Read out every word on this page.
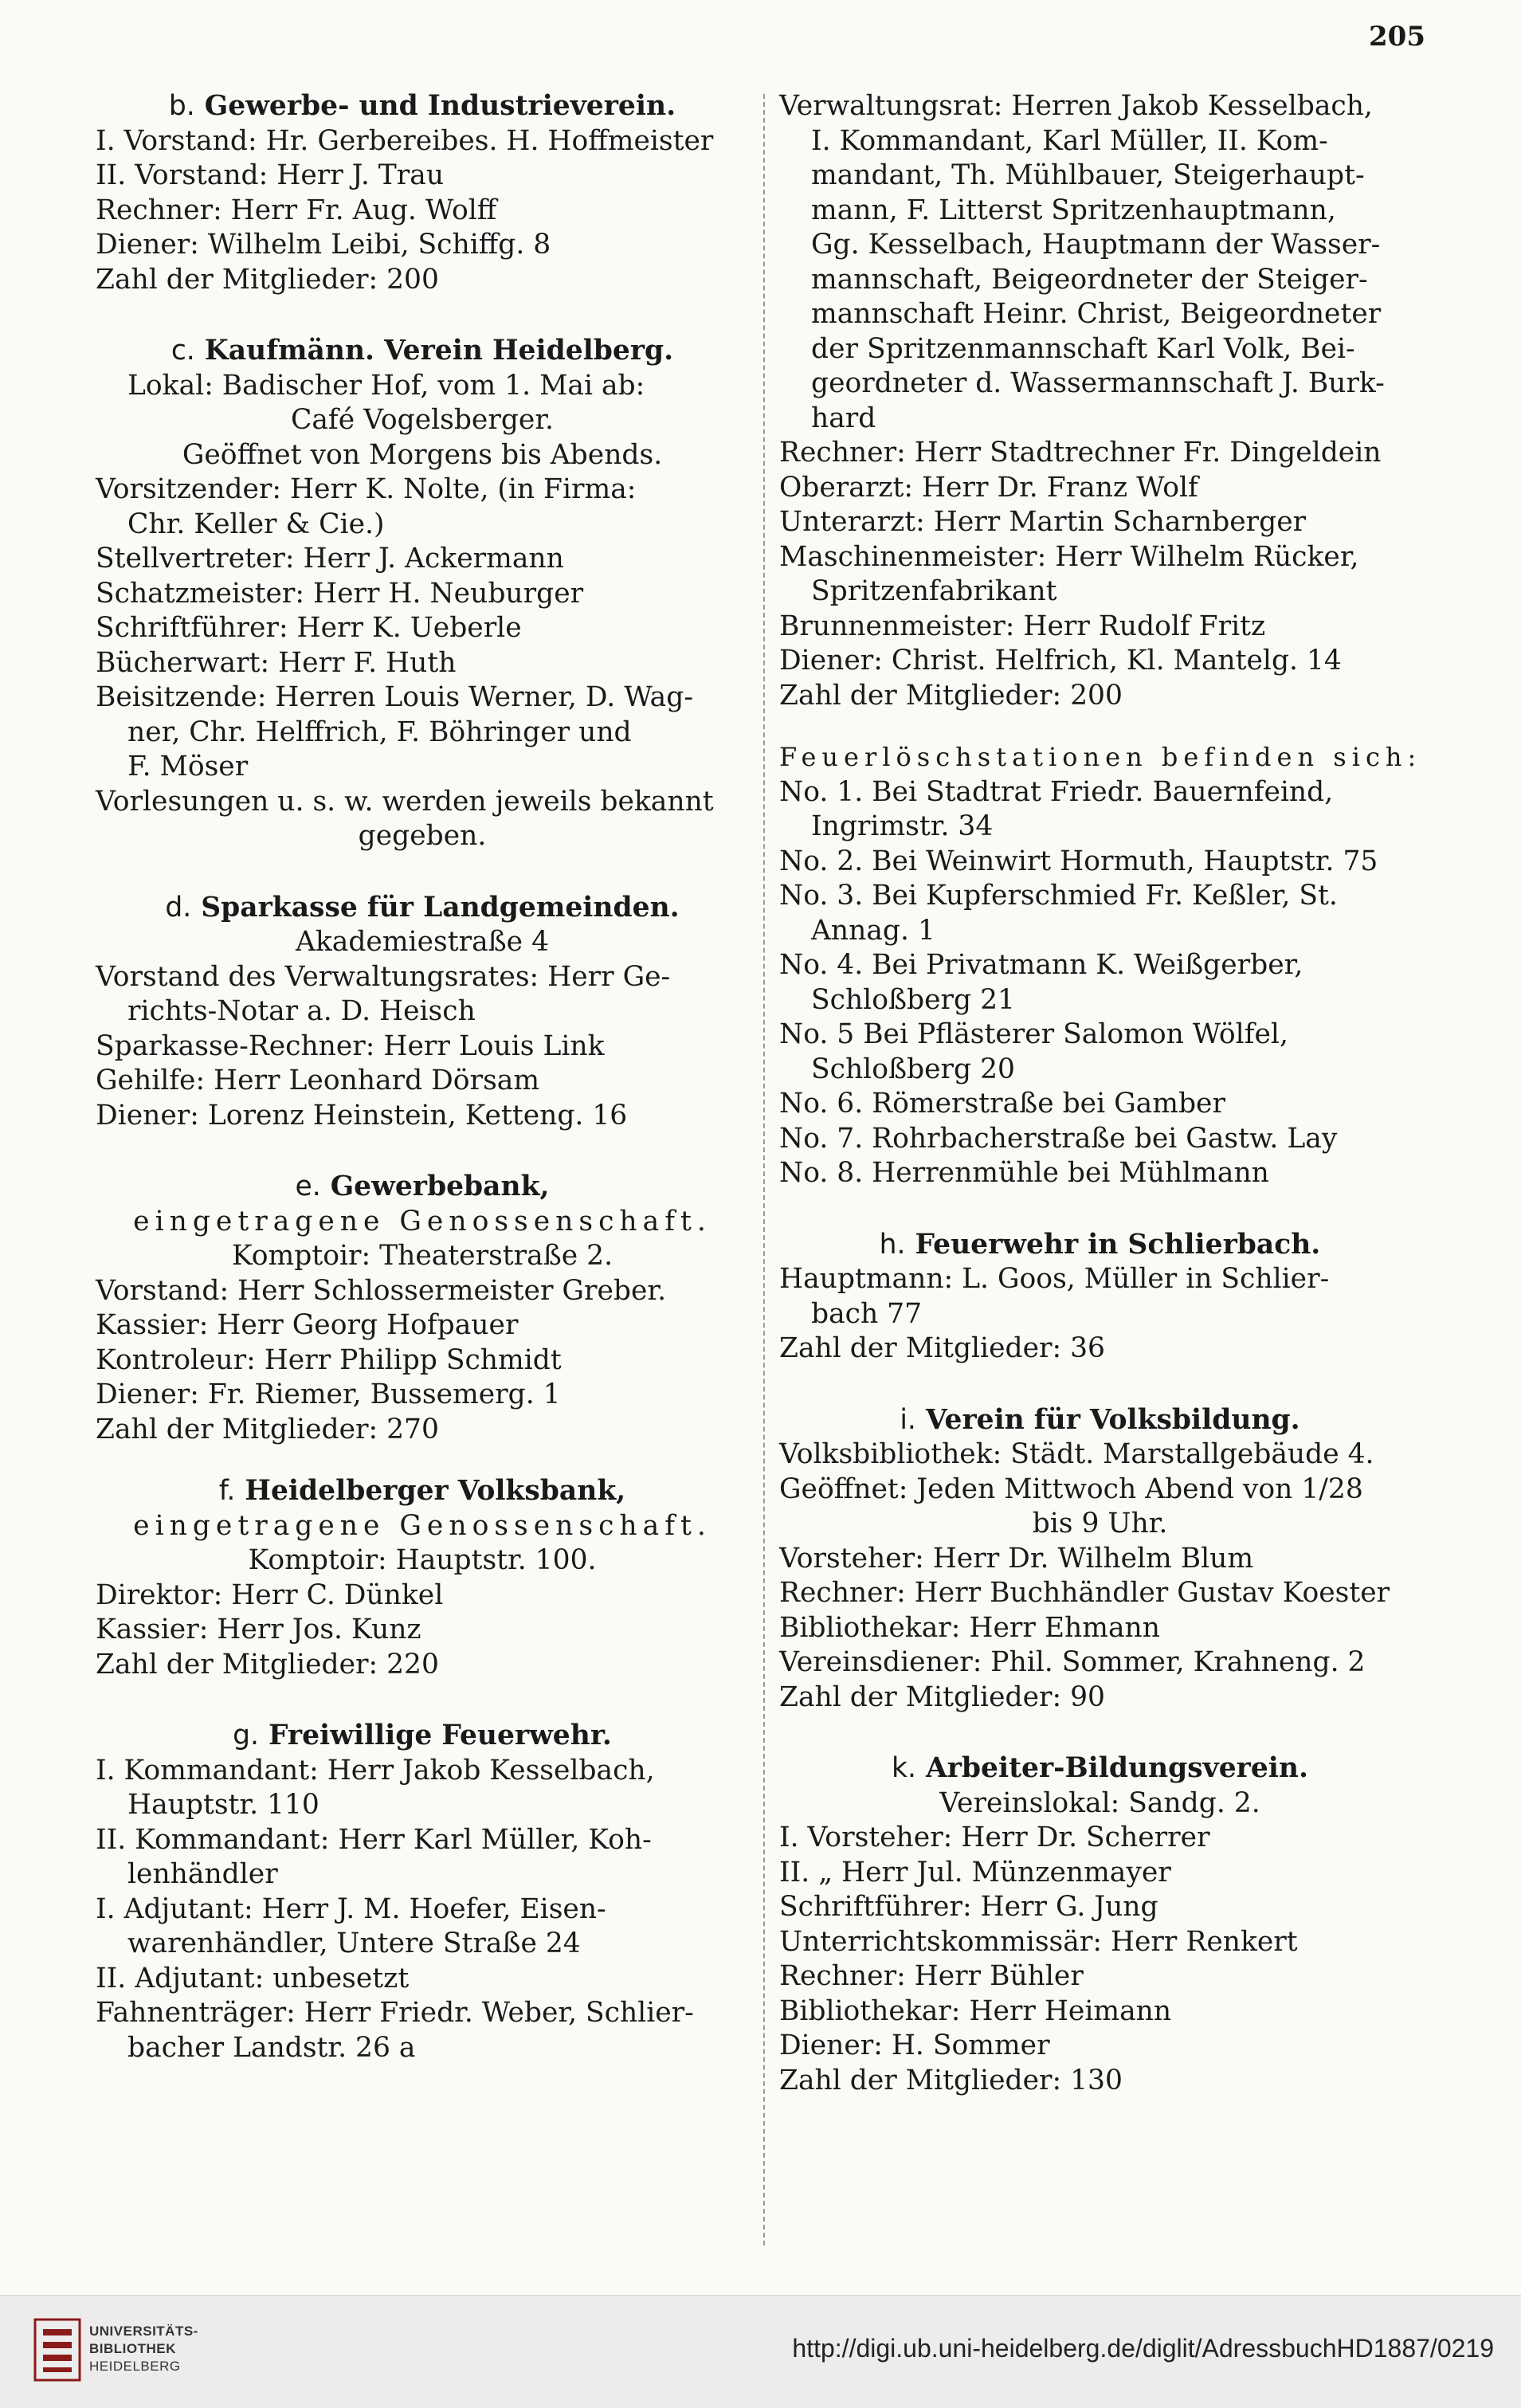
205
b. Gewerbe- und Industrieverein.
I. Vorstand: Hr. Gerbereibes. H. Hoffmeister
II. Vorstand: Herr J. Trau
Rechner: Herr Fr. Aug. Wolff
Diener: Wilhelm Leibi, Schiffg. 8
Zahl der Mitglieder: 200
c. Kaufmänn. Verein Heidelberg.
Lokal: Badischer Hof, vom 1. Mai ab:
Café Vogelsberger.
Geöffnet von Morgens bis Abends.
Vorsitzender: Herr K. Nolte, (in Firma:
Chr. Keller & Cie.)
Stellvertreter: Herr J. Ackermann
Schatzmeister: Herr H. Neuburger
Schriftführer: Herr K. Ueberle
Bücherwart: Herr F. Huth
Beisitzende: Herren Louis Werner, D. Wag-
ner, Chr. Helffrich, F. Böhringer und
F. Möser
Vorlesungen u. s. w. werden jeweils bekannt
gegeben.
d. Sparkasse für Landgemeinden.
Akademiestraße 4
Vorstand des Verwaltungsrates: Herr Ge-
richts-Notar a. D. Heisch
Sparkasse-Rechner: Herr Louis Link
Gehilfe: Herr Leonhard Dörsam
Diener: Lorenz Heinstein, Ketteng. 16
e. Gewerbebank,
eingetragene Genossenschaft.
Komptoir: Theaterstraße 2.
Vorstand: Herr Schlossermeister Greber.
Kassier: Herr Georg Hofpauer
Kontroleur: Herr Philipp Schmidt
Diener: Fr. Riemer, Bussemerg. 1
Zahl der Mitglieder: 270
f. Heidelberger Volksbank,
eingetragene Genossenschaft.
Komptoir: Hauptstr. 100.
Direktor: Herr C. Dünkel
Kassier: Herr Jos. Kunz
Zahl der Mitglieder: 220
g. Freiwillige Feuerwehr.
I. Kommandant: Herr Jakob Kesselbach,
Hauptstr. 110
II. Kommandant: Herr Karl Müller, Koh-
lenhändler
I. Adjutant: Herr J. M. Hoefer, Eisen-
warenhändler, Untere Straße 24
II. Adjutant: unbesetzt
Fahnenträger: Herr Friedr. Weber, Schlier-
bacher Landstr. 26 a
Verwaltungsrat: Herren Jakob Kesselbach,
I. Kommandant, Karl Müller, II. Kom-
mandant, Th. Mühlbauer, Steigerhaupt-
mann, F. Litterst Spritzenhauptmann,
Gg. Kesselbach, Hauptmann der Wasser-
mannschaft, Beigeordneter der Steiger-
mannschaft Heinr. Christ, Beigeordneter
der Spritzenmannschaft Karl Volk, Bei-
geordneter d. Wassermannschaft J. Burk-
hard
Rechner: Herr Stadtrechner Fr. Dingeldein
Oberarzt: Herr Dr. Franz Wolf
Unterarzt: Herr Martin Scharnberger
Maschinenmeister: Herr Wilhelm Rücker,
Spritzenfabrikant
Brunnenmeister: Herr Rudolf Fritz
Diener: Christ. Helfrich, Kl. Mantelg. 14
Zahl der Mitglieder: 200
Feuerlöschstationen befinden sich:
No. 1. Bei Stadtrat Friedr. Bauernfeind,
Ingrimstr. 34
No. 2. Bei Weinwirt Hormuth, Hauptstr. 75
No. 3. Bei Kupferschmied Fr. Keßler, St.
Annag. 1
No. 4. Bei Privatmann K. Weißgerber,
Schloßberg 21
No. 5 Bei Pflästerer Salomon Wölfel,
Schloßberg 20
No. 6. Römerstraße bei Gamber
No. 7. Rohrbacherstraße bei Gastw. Lay
No. 8. Herrenmühle bei Mühlmann
h. Feuerwehr in Schlierbach.
Hauptmann: L. Goos, Müller in Schlier-
bach 77
Zahl der Mitglieder: 36
i. Verein für Volksbildung.
Volksbibliothek: Städt. Marstallgebäude 4.
Geöffnet: Jeden Mittwoch Abend von 1/28
bis 9 Uhr.
Vorsteher: Herr Dr. Wilhelm Blum
Rechner: Herr Buchhändler Gustav Koester
Bibliothekar: Herr Ehmann
Vereinsdiener: Phil. Sommer, Krahneng. 2
Zahl der Mitglieder: 90
k. Arbeiter-Bildungsverein.
Vereinslokal: Sandg. 2.
I. Vorsteher: Herr Dr. Scherrer
II. „ Herr Jul. Münzenmayer
Schriftführer: Herr G. Jung
Unterrichtskommissär: Herr Renkert
Rechner: Herr Bühler
Bibliothekar: Herr Heimann
Diener: H. Sommer
Zahl der Mitglieder: 130
UNIVERSITÄTS-
BIBLIOTHEK
HEIDELBERG
http://digi.ub.uni-heidelberg.de/diglit/AdressbuchHD1887/0219
